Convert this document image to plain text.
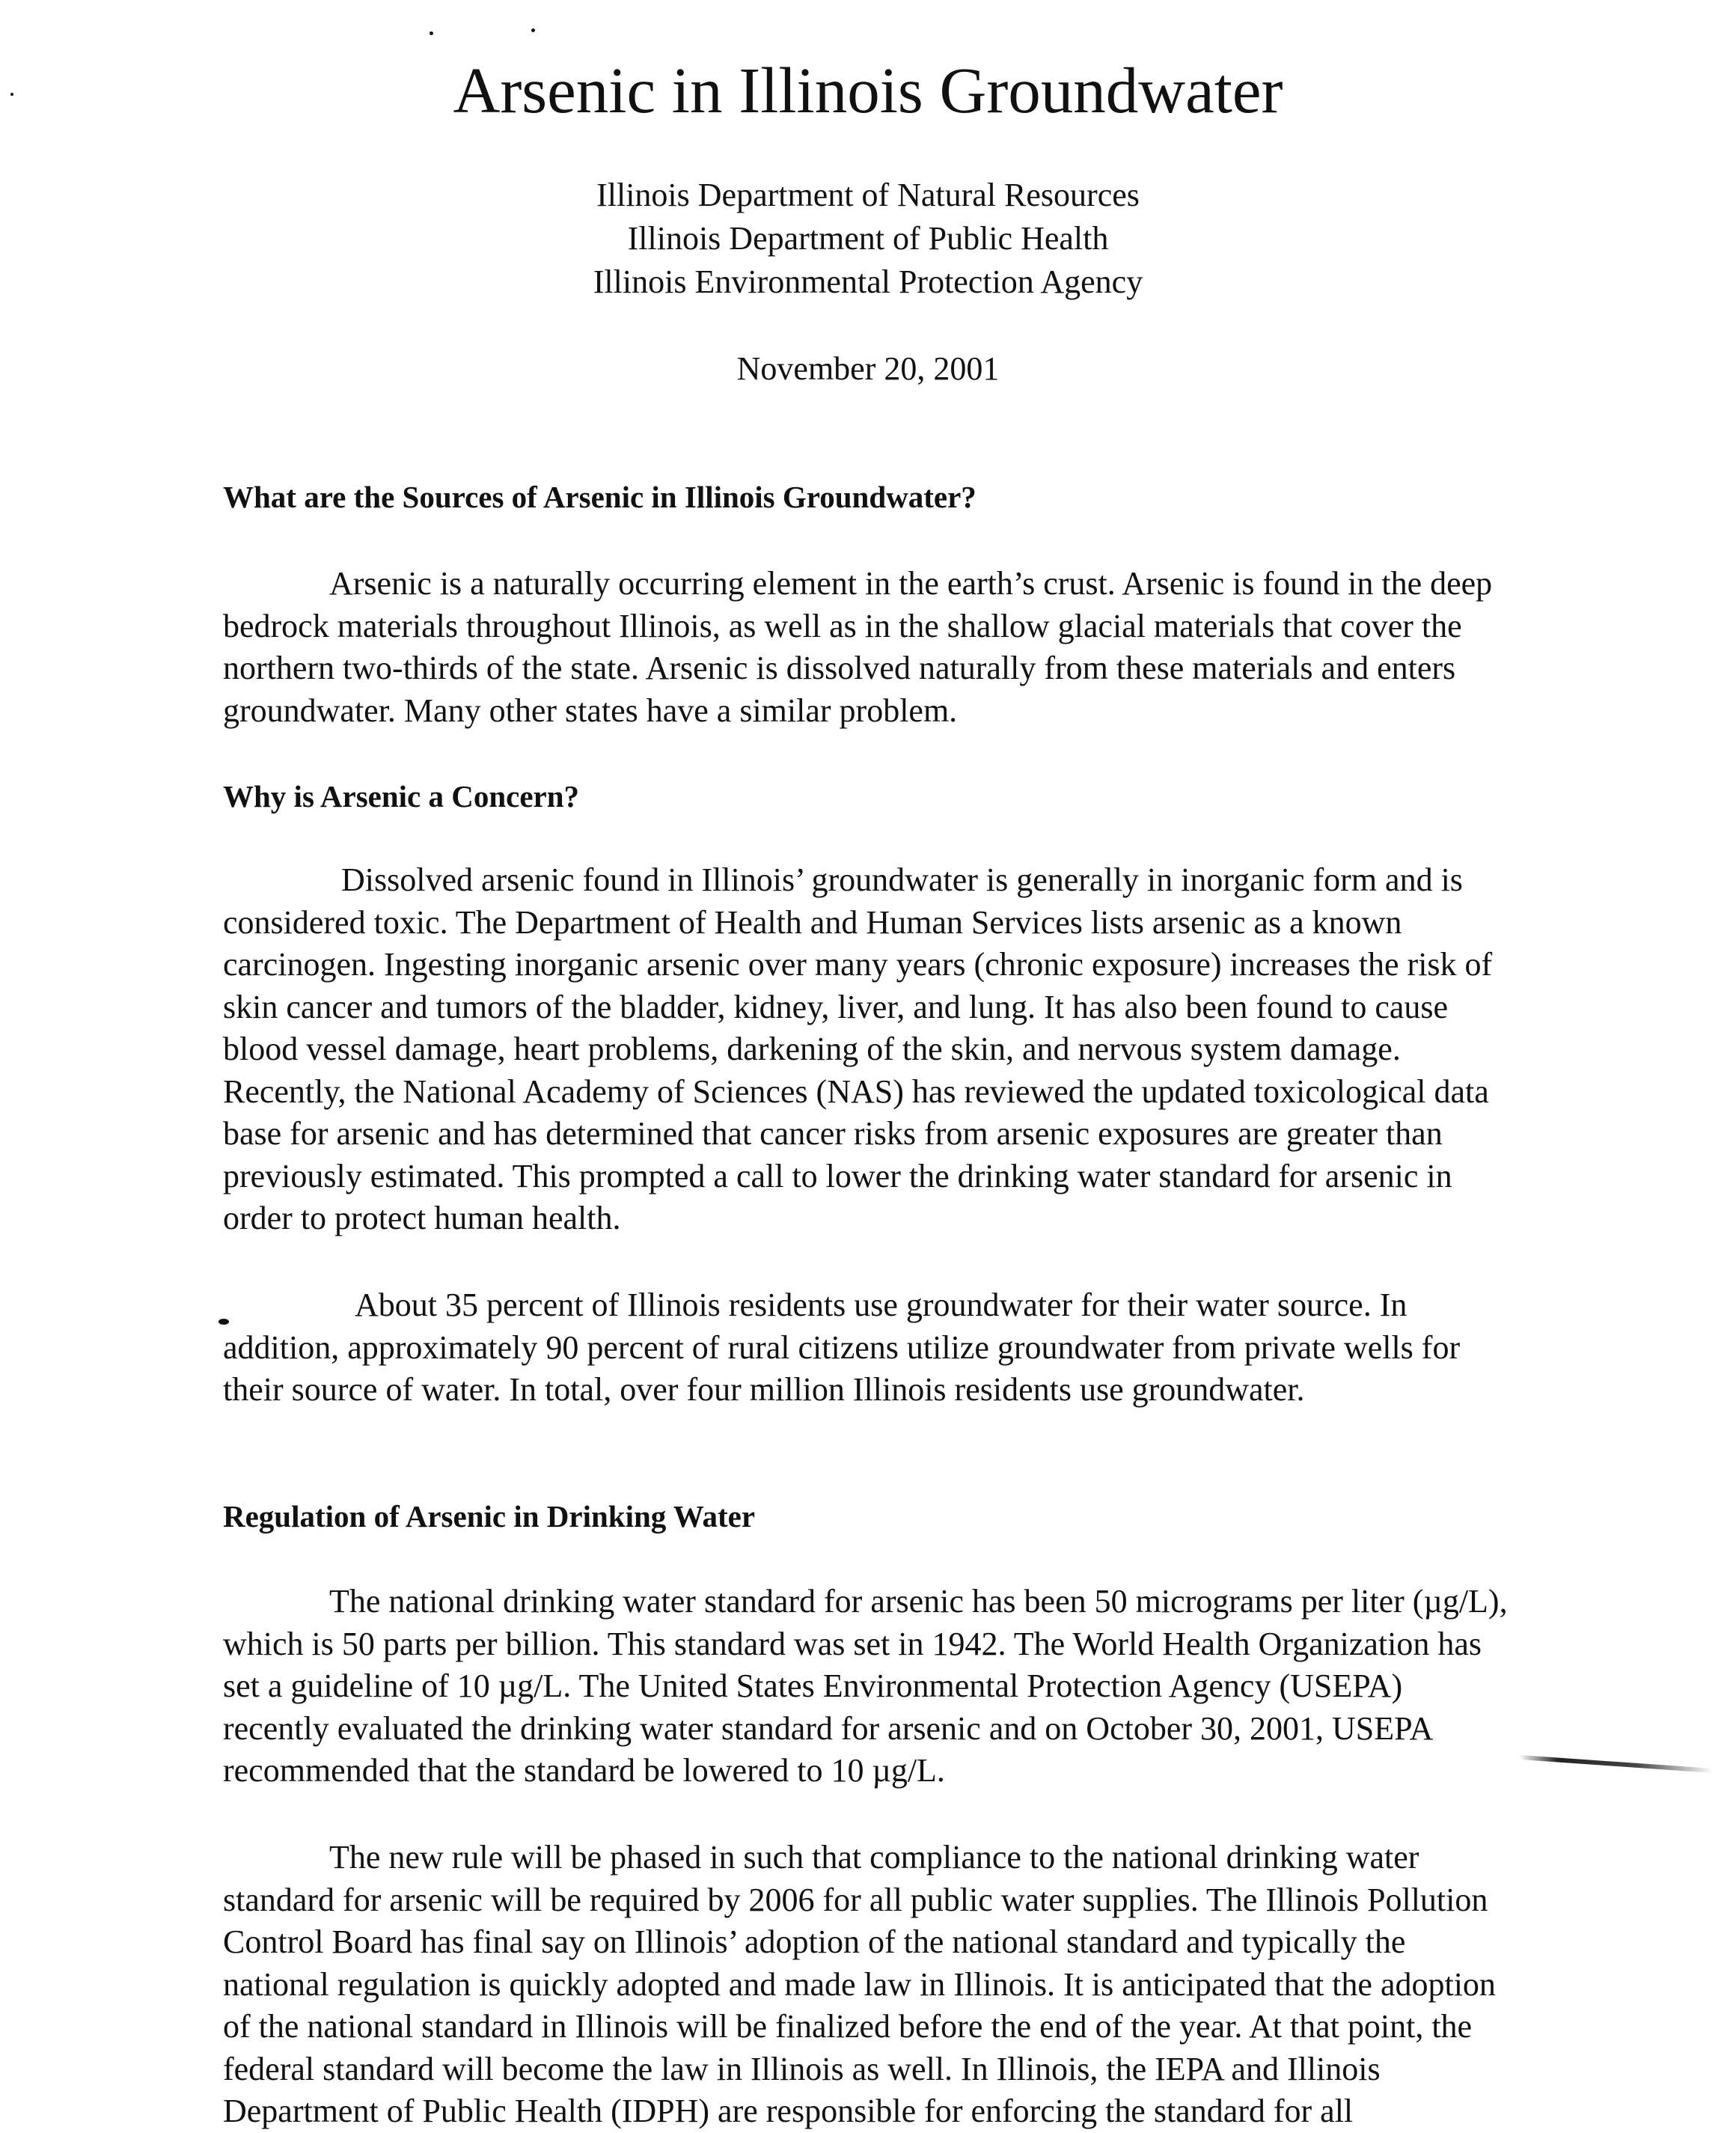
Arsenic in Illinois Groundwater
Illinois Department of Natural Resources
Illinois Department of Public Health
Illinois Environmental Protection Agency
November 20, 2001
What are the Sources of Arsenic in Illinois Groundwater?

Arsenic is a naturally occurring element in the earth’s crust. Arsenic is found in the deep
bedrock materials throughout Illinois, as well as in the shallow glacial materials that cover the
northern two-thirds of the state. Arsenic is dissolved naturally from these materials and enters
groundwater. Many other states have a similar problem.

Why is Arsenic a Concern?

Dissolved arsenic found in Illinois’ groundwater is generally in inorganic form and is
considered toxic. The Department of Health and Human Services lists arsenic as a known
carcinogen. Ingesting inorganic arsenic over many years (chronic exposure) increases the risk of
skin cancer and tumors of the bladder, kidney, liver, and lung. It has also been found to cause
blood vessel damage, heart problems, darkening of the skin, and nervous system damage.
Recently, the National Academy of Sciences (NAS) has reviewed the updated toxicological data
base for arsenic and has determined that cancer risks from arsenic exposures are greater than
previously estimated. This prompted a call to lower the drinking water standard for arsenic in
order to protect human health.

About 35 percent of Illinois residents use groundwater for their water source. In
addition, approximately 90 percent of rural citizens utilize groundwater from private wells for
their source of water. In total, over four million Illinois residents use groundwater.

Regulation of Arsenic in Drinking Water

The national drinking water standard for arsenic has been 50 micrograms per liter (µg/L),
which is 50 parts per billion. This standard was set in 1942. The World Health Organization has
set a guideline of 10 µg/L. The United States Environmental Protection Agency (USEPA)
recently evaluated the drinking water standard for arsenic and on October 30, 2001, USEPA
recommended that the standard be lowered to 10 µg/L.

The new rule will be phased in such that compliance to the national drinking water
standard for arsenic will be required by 2006 for all public water supplies. The Illinois Pollution
Control Board has final say on Illinois’ adoption of the national standard and typically the
national regulation is quickly adopted and made law in Illinois. It is anticipated that the adoption
of the national standard in Illinois will be finalized before the end of the year. At that point, the
federal standard will become the law in Illinois as well. In Illinois, the IEPA and Illinois
Department of Public Health (IDPH) are responsible for enforcing the standard for all
